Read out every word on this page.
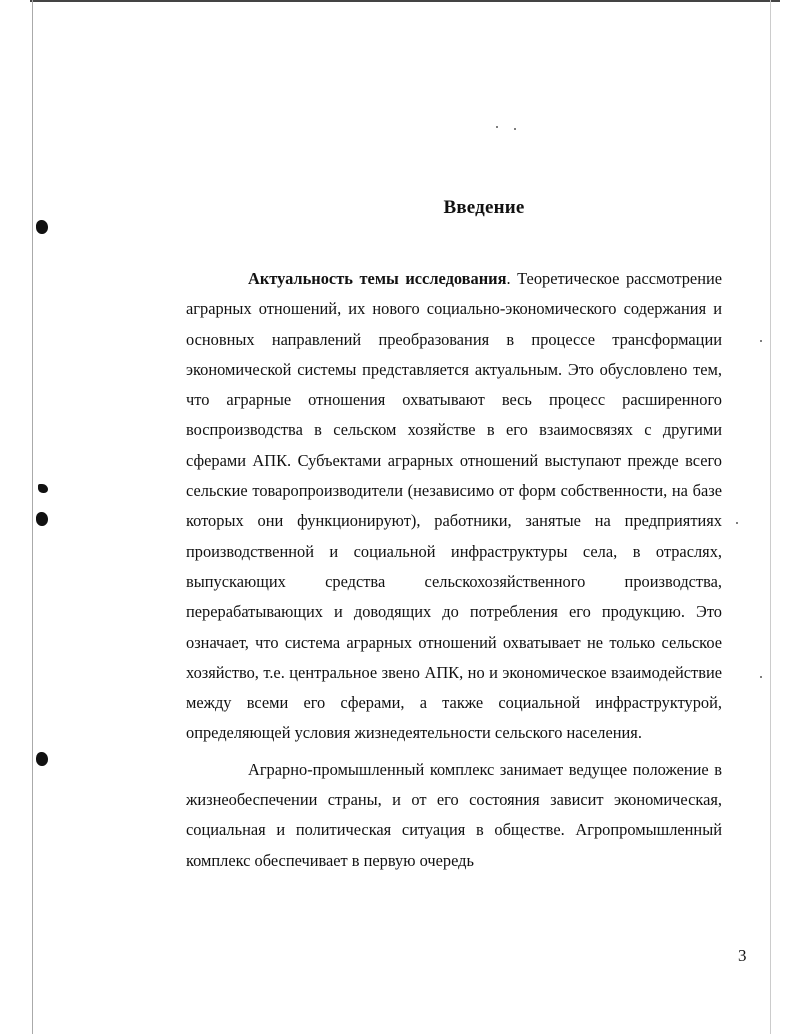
Введение

Актуальность темы исследования. Теоретическое рассмотрение аграрных отношений, их нового социально-экономического содержания и основных направлений преобразования в процессе трансформации экономической системы представляется актуальным. Это обусловлено тем, что аграрные отношения охватывают весь процесс расширенного воспроизводства в сельском хозяйстве в его взаимосвязях с другими сферами АПК. Субъектами аграрных отношений выступают прежде всего сельские товаропроизводители (независимо от форм собственности, на базе которых они функционируют), работники, занятые на предприятиях производственной и социальной инфраструктуры села, в отраслях, выпускающих средства сельскохозяйственного производства, перерабатывающих и доводящих до потребления его продукцию. Это означает, что система аграрных отношений охватывает не только сельское хозяйство, т.е. центральное звено АПК, но и экономическое взаимодействие между всеми его сферами, а также социальной инфраструктурой, определяющей условия жизнедеятельности сельского населения.

Аграрно-промышленный комплекс занимает ведущее положение в жизнеобеспечении страны, и от его состояния зависит экономическая, социальная и политическая ситуация в обществе. Агропромышленный комплекс обеспечивает в первую очередь

3
